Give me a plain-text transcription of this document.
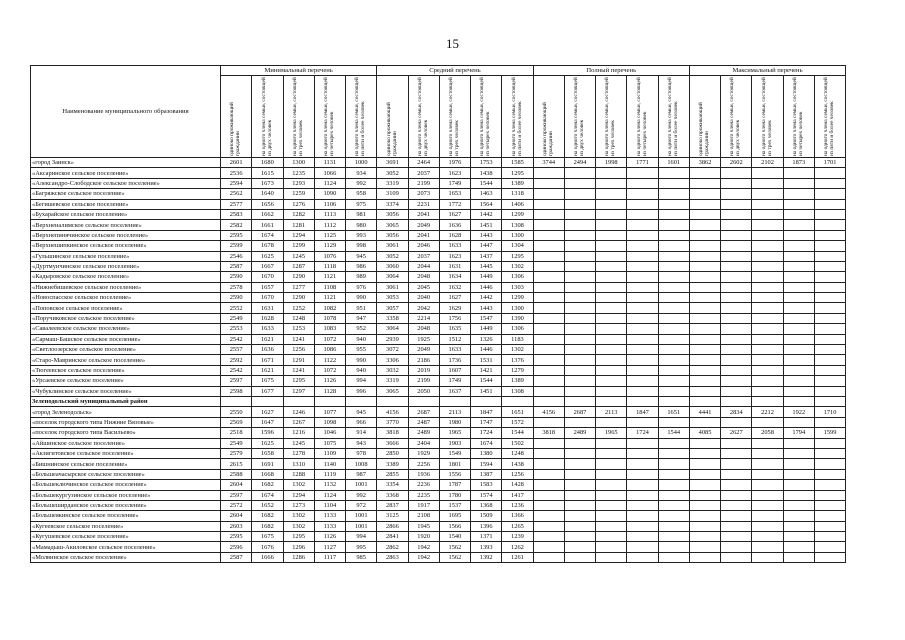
15
Наименование муниципального образования	Минимальный перечень					Средний перечень					Полный перечень					Максимальный перечень				

	одиноко проживающий гражданин	на одного члена семьи, состоящей из двух человек	на одного члена семьи, состоящей из трех человек	на одного члена семьи, состоящей из четырех человек	на одного члена семьи, состоящей из пяти и более человек	одиноко проживающий гражданин	на одного члена семьи, состоящей из двух человек	на одного члена семьи, состоящей из трех человек	на одного члена семьи, состоящей из четырех человек	на одного члена семьи, состоящей из пяти и более человек	одиноко проживающий гражданин	на одного члена семьи, состоящей из двух человек	на одного члена семьи, состоящей из трех человек	на одного члена семьи, состоящей из четырех человек	на одного члена семьи, состоящей из пяти и более человек	одиноко проживающий гражданин	на одного члена семьи, состоящей из двух человек	на одного члена семьи, состоящей из трех человек	на одного члена семьи, состоящей из четырех человек	на одного члена семьи, состоящей из пяти и более человек

«город Заинск»	2601	1680	1300	1131	1000	3691	2464	1976	1753	1585	3744	2494	1998	1771	1601	3862	2602	2102	1873	1701
«Аксаринское сельское поселение»	2536	1615	1235	1066	934	3052	2037	1623	1438	1295										
«Александро-Слободское сельское поселение»	2594	1673	1293	1124	992	3319	2199	1749	1544	1389										
«Багряжское сельское поселение»	2562	1640	1259	1090	958	3109	2073	1653	1463	1318										
«Бегишевское сельское поселение»	2577	1656	1276	1106	975	3374	2231	1772	1564	1406										
«Бухарайское сельское поселение»	2583	1662	1282	1113	981	3056	2041	1627	1442	1299										
«Верхненалимское сельское поселение»	2582	1661	1281	1112	980	3065	2049	1636	1451	1308										
«Верхнепинячинское сельское поселение»	2595	1674	1294	1125	993	3056	2041	1628	1443	1300										
«Верхнешипкинское сельское поселение»	2599	1678	1299	1129	998	3061	2046	1633	1447	1304										
«Гульшинское сельское поселение»	2546	1625	1245	1076	945	3052	2037	1623	1437	1295										
«Дуртмунчинское сельское поселение»	2587	1667	1287	1118	986	3060	2044	1631	1445	1302										
«Кадыровское сельское поселение»	2590	1670	1290	1121	989	3064	2048	1634	1449	1306										
«Нижнебишевское сельское поселение»	2578	1657	1277	1108	976	3061	2045	1632	1446	1303										
«Новоспасское сельское поселение»	2590	1670	1290	1121	990	3053	2040	1627	1442	1299										
«Поповское сельское поселение»	2552	1631	1252	1082	951	3057	2042	1629	1443	1300										
«Поручиковское сельское поселение»	2549	1628	1248	1078	947	3358	2214	1756	1547	1390										
«Савалеевское сельское поселение»	2553	1633	1253	1083	952	3064	2048	1635	1449	1306										
«Сармаш-Башское сельское поселение»	2542	1621	1241	1072	940	2939	1925	1512	1326	1183										
«Светлоозерское сельское поселение»	2557	1636	1256	1086	955	3072	2049	1633	1446	1302										
«Старо-Мавринское сельское поселение»	2592	1671	1291	1122	990	3306	2186	1736	1531	1376										
«Тюгеевское сельское поселение»	2542	1621	1241	1072	940	3032	2019	1607	1421	1279										
«Урсаевское сельское поселение»	2597	1675	1295	1126	994	3319	2199	1749	1544	1389										
«Чубуклинское сельское поселение»	2598	1677	1297	1128	996	3065	2050	1637	1451	1308										
Зеленодольский муниципальный район																				
«город Зеленодольск»	2550	1627	1246	1077	945	4156	2687	2113	1847	1651	4156	2687	2113	1847	1651	4441	2834	2212	1922	1710
«поселок городского типа Нижние Вязовые»	2569	1647	1267	1098	966	3770	2487	1980	1747	1572										
«поселок городского типа Васильево»	2518	1596	1216	1046	914	3818	2489	1965	1724	1544	3818	2489	1965	1724	1544	4085	2627	2058	1794	1599
«Айшинское сельское поселение»	2549	1625	1245	1075	943	3666	2404	1903	1674	1502										
«Акзигитовское сельское поселение»	2579	1658	1278	1109	978	2850	1929	1549	1380	1248										
«Бишнинское сельское поселение»	2615	1691	1310	1140	1008	3389	2256	1801	1594	1438										
«Большеачасырское сельское поселение»	2588	1668	1288	1119	987	2855	1936	1556	1387	1256										
«Большеключинское сельское поселение»	2604	1682	1302	1132	1001	3354	2236	1787	1583	1428										
«Большекургузинское сельское поселение»	2597	1674	1294	1124	992	3368	2235	1780	1574	1417										
«Большеширданское сельское поселение»	2572	1652	1273	1104	972	2837	1917	1537	1368	1236										
«Большеякинское сельское поселение»	2604	1682	1302	1133	1001	3125	2108	1695	1509	1366										
«Кугеевское сельское поселение»	2603	1682	1302	1133	1001	2866	1945	1566	1396	1265										
«Кугушевское сельское поселение»	2595	1675	1295	1126	994	2841	1920	1540	1371	1239										
«Мамадыш-Акиловское сельское поселение»	2596	1676	1296	1127	995	2862	1942	1562	1393	1262										
«Молвинское сельское поселение»	2587	1666	1286	1117	985	2863	1942	1562	1392	1261										
